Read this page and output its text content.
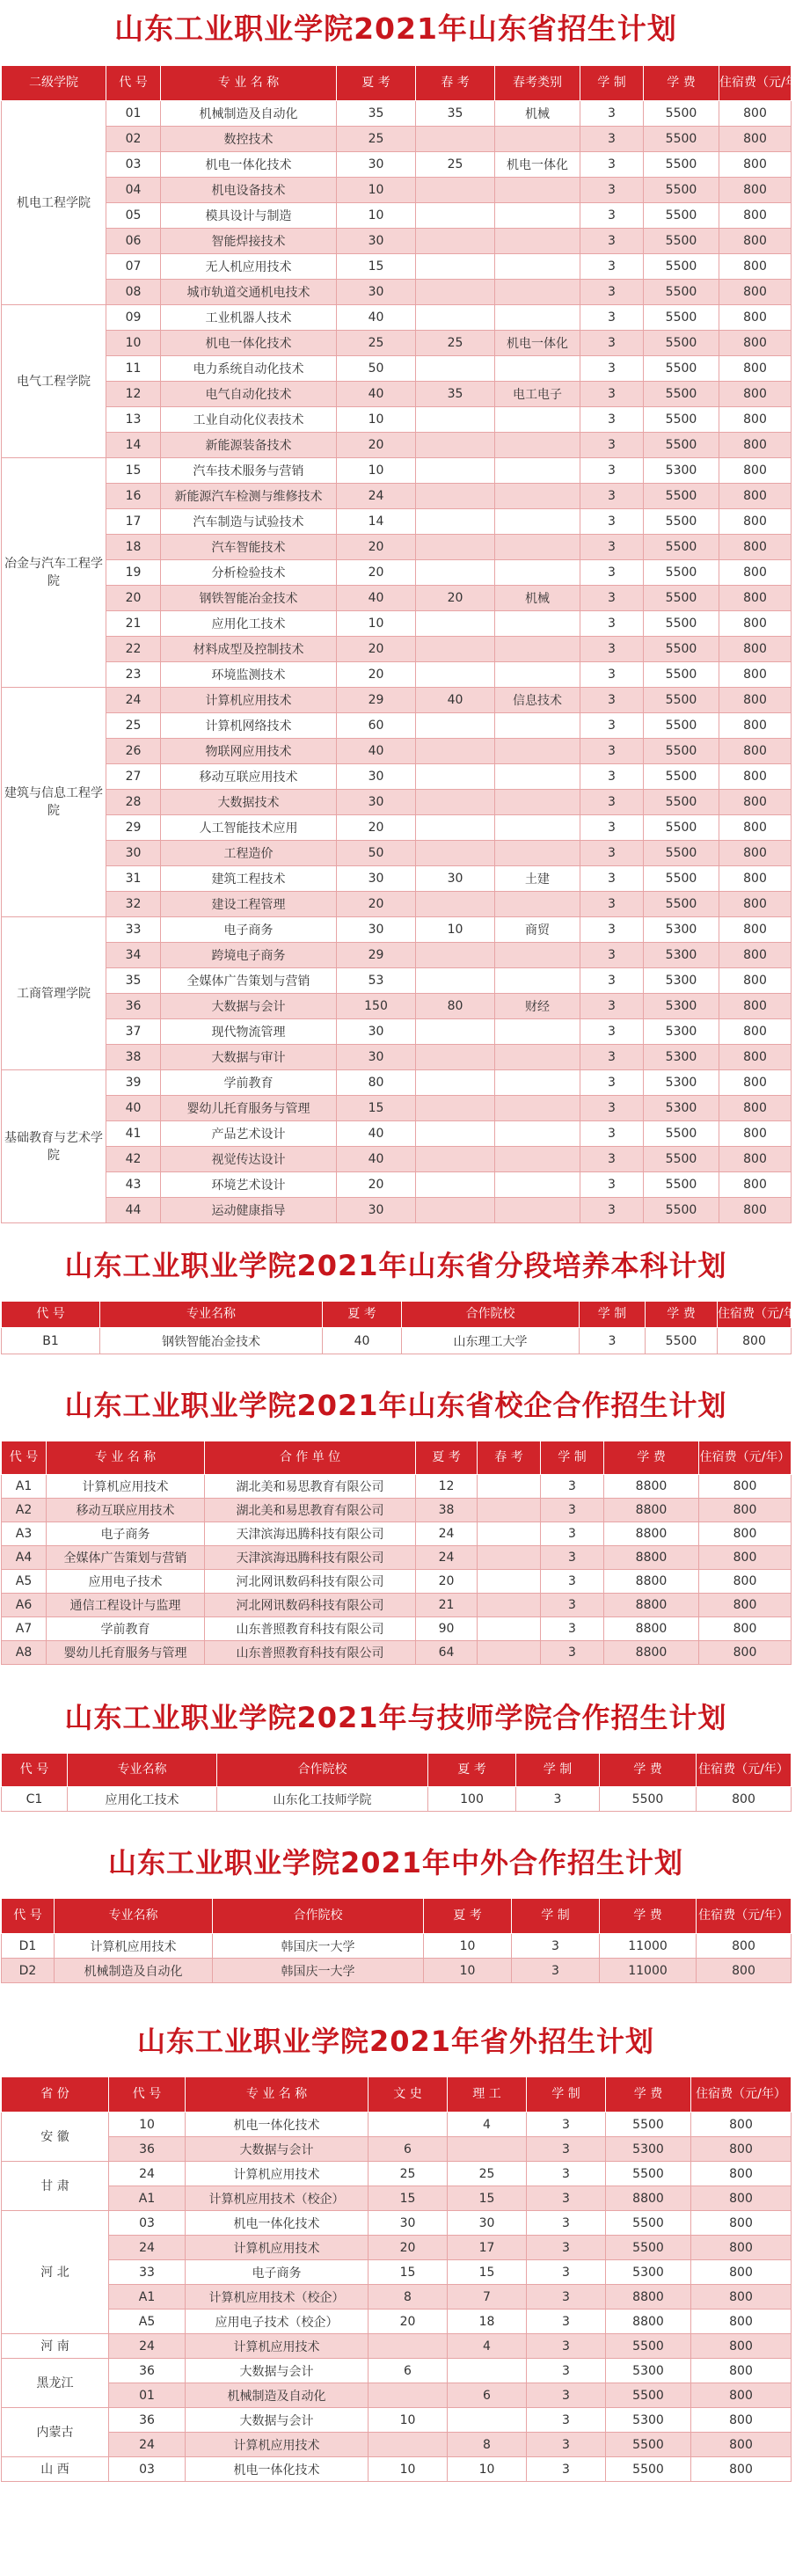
山东工业职业学院2021年山东省招生计划
二级学院	代 号	专 业 名 称	夏 考	春 考	春考类别	学 制	学 费	住宿费（元/年）
机电工程学院	01	机械制造及自动化	35	35	机械	3	5500	800
	02	数控技术	25			3	5500	800
	03	机电一体化技术	30	25	机电一体化	3	5500	800
	04	机电设备技术	10			3	5500	800
	05	模具设计与制造	10			3	5500	800
	06	智能焊接技术	30			3	5500	800
	07	无人机应用技术	15			3	5500	800
	08	城市轨道交通机电技术	30			3	5500	800
电气工程学院	09	工业机器人技术	40			3	5500	800
	10	机电一体化技术	25	25	机电一体化	3	5500	800
	11	电力系统自动化技术	50			3	5500	800
	12	电气自动化技术	40	35	电工电子	3	5500	800
	13	工业自动化仪表技术	10			3	5500	800
	14	新能源装备技术	20			3	5500	800
冶金与汽车工程学院	15	汽车技术服务与营销	10			3	5300	800
	16	新能源汽车检测与维修技术	24			3	5500	800
	17	汽车制造与试验技术	14			3	5500	800
	18	汽车智能技术	20			3	5500	800
	19	分析检验技术	20			3	5500	800
	20	钢铁智能冶金技术	40	20	机械	3	5500	800
	21	应用化工技术	10			3	5500	800
	22	材料成型及控制技术	20			3	5500	800
	23	环境监测技术	20			3	5500	800
建筑与信息工程学院	24	计算机应用技术	29	40	信息技术	3	5500	800
	25	计算机网络技术	60			3	5500	800
	26	物联网应用技术	40			3	5500	800
	27	移动互联应用技术	30			3	5500	800
	28	大数据技术	30			3	5500	800
	29	人工智能技术应用	20			3	5500	800
	30	工程造价	50			3	5500	800
	31	建筑工程技术	30	30	土建	3	5500	800
	32	建设工程管理	20			3	5500	800
工商管理学院	33	电子商务	30	10	商贸	3	5300	800
	34	跨境电子商务	29			3	5300	800
	35	全媒体广告策划与营销	53			3	5300	800
	36	大数据与会计	150	80	财经	3	5300	800
	37	现代物流管理	30			3	5300	800
	38	大数据与审计	30			3	5300	800
基础教育与艺术学院	39	学前教育	80			3	5300	800
	40	婴幼儿托育服务与管理	15			3	5300	800
	41	产品艺术设计	40			3	5500	800
	42	视觉传达设计	40			3	5500	800
	43	环境艺术设计	20			3	5500	800
	44	运动健康指导	30			3	5500	800
山东工业职业学院2021年山东省分段培养本科计划
代 号	专业名称	夏 考	合作院校	学 制	学 费	住宿费（元/年）
B1	钢铁智能冶金技术	40	山东理工大学	3	5500	800
山东工业职业学院2021年山东省校企合作招生计划
代 号	专 业 名 称	合 作 单 位	夏 考	春 考	学 制	学 费	住宿费（元/年）
A1	计算机应用技术	湖北美和易思教育有限公司	12		3	8800	800
A2	移动互联应用技术	湖北美和易思教育有限公司	38		3	8800	800
A3	电子商务	天津滨海迅腾科技有限公司	24		3	8800	800
A4	全媒体广告策划与营销	天津滨海迅腾科技有限公司	24		3	8800	800
A5	应用电子技术	河北网讯数码科技有限公司	20		3	8800	800
A6	通信工程设计与监理	河北网讯数码科技有限公司	21		3	8800	800
A7	学前教育	山东普照教育科技有限公司	90		3	8800	800
A8	婴幼儿托育服务与管理	山东普照教育科技有限公司	64		3	8800	800
山东工业职业学院2021年与技师学院合作招生计划
代 号	专业名称	合作院校	夏 考	学 制	学 费	住宿费（元/年）
C1	应用化工技术	山东化工技师学院	100	3	5500	800
山东工业职业学院2021年中外合作招生计划
代 号	专业名称	合作院校	夏 考	学 制	学 费	住宿费（元/年）
D1	计算机应用技术	韩国庆一大学	10	3	11000	800
D2	机械制造及自动化	韩国庆一大学	10	3	11000	800
山东工业职业学院2021年省外招生计划
省 份	代 号	专 业 名 称	文 史	理 工	学 制	学 费	住宿费（元/年）
安 徽	10	机电一体化技术		4	3	5500	800
	36	大数据与会计	6		3	5300	800
甘 肃	24	计算机应用技术	25	25	3	5500	800
	A1	计算机应用技术（校企）	15	15	3	8800	800
河 北	03	机电一体化技术	30	30	3	5500	800
	24	计算机应用技术	20	17	3	5500	800
	33	电子商务	15	15	3	5300	800
	A1	计算机应用技术（校企）	8	7	3	8800	800
	A5	应用电子技术（校企）	20	18	3	8800	800
河 南	24	计算机应用技术		4	3	5500	800
黑龙江	36	大数据与会计	6		3	5300	800
	01	机械制造及自动化		6	3	5500	800
内蒙古	36	大数据与会计	10		3	5300	800
	24	计算机应用技术		8	3	5500	800
山 西	03	机电一体化技术	10	10	3	5500	800
